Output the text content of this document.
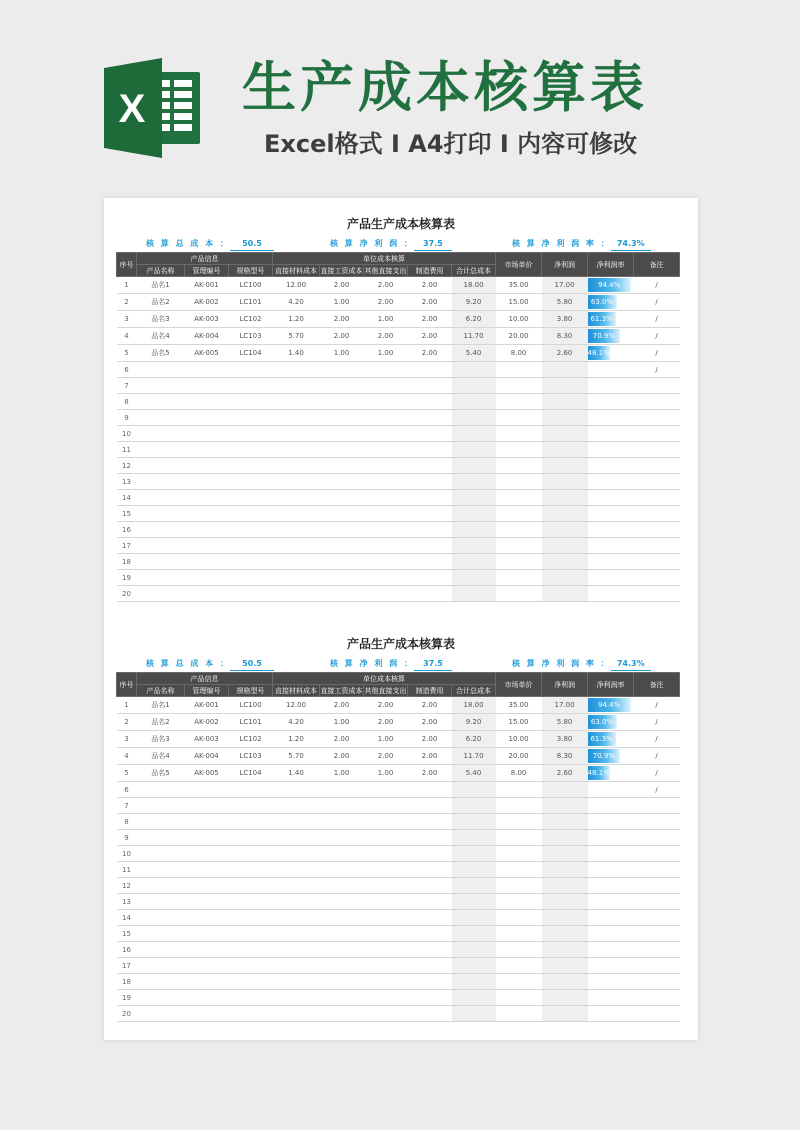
X 生产成本核算表
Excel格式 I A4打印 I 内容可修改
产品生产成本核算表
核 算 总 成 本 ： 50.5	核 算 净 利 润 ： 37.5	核 算 净 利 润 率 ： 74.3%
序号	产品信息			单位成本核算					市场单价	净利润	净利润率	备注
	产品名称	管理编号	规格型号	直接材料成本	直接工资成本	其他直接支出	制造费用	合计总成本				
1	品名1	AK-001	LC100	12.00	2.00	2.00	2.00	18.00	35.00	17.00	94.4%	/
2	品名2	AK-002	LC101	4.20	1.00	2.00	2.00	9.20	15.00	5.80	63.0%	/
3	品名3	AK-003	LC102	1.20	2.00	1.00	2.00	6.20	10.00	3.80	61.3%	/
4	品名4	AK-004	LC103	5.70	2.00	2.00	2.00	11.70	20.00	8.30	70.9%	/
5	品名5	AK-005	LC104	1.40	1.00	1.00	2.00	5.40	8.00	2.60	48.1%	/
6												/
7												
8												
9												
10												
11												
12												
13												
14												
15												
16												
17												
18												
19												
20												
产品生产成本核算表
核 算 总 成 本 ： 50.5	核 算 净 利 润 ： 37.5	核 算 净 利 润 率 ： 74.3%
序号	产品信息			单位成本核算					市场单价	净利润	净利润率	备注
	产品名称	管理编号	规格型号	直接材料成本	直接工资成本	其他直接支出	制造费用	合计总成本				
1	品名1	AK-001	LC100	12.00	2.00	2.00	2.00	18.00	35.00	17.00	94.4%	/
2	品名2	AK-002	LC101	4.20	1.00	2.00	2.00	9.20	15.00	5.80	63.0%	/
3	品名3	AK-003	LC102	1.20	2.00	1.00	2.00	6.20	10.00	3.80	61.3%	/
4	品名4	AK-004	LC103	5.70	2.00	2.00	2.00	11.70	20.00	8.30	70.9%	/
5	品名5	AK-005	LC104	1.40	1.00	1.00	2.00	5.40	8.00	2.60	48.1%	/
6												/
7												
8												
9												
10												
11												
12												
13												
14												
15												
16												
17												
18												
19												
20												
